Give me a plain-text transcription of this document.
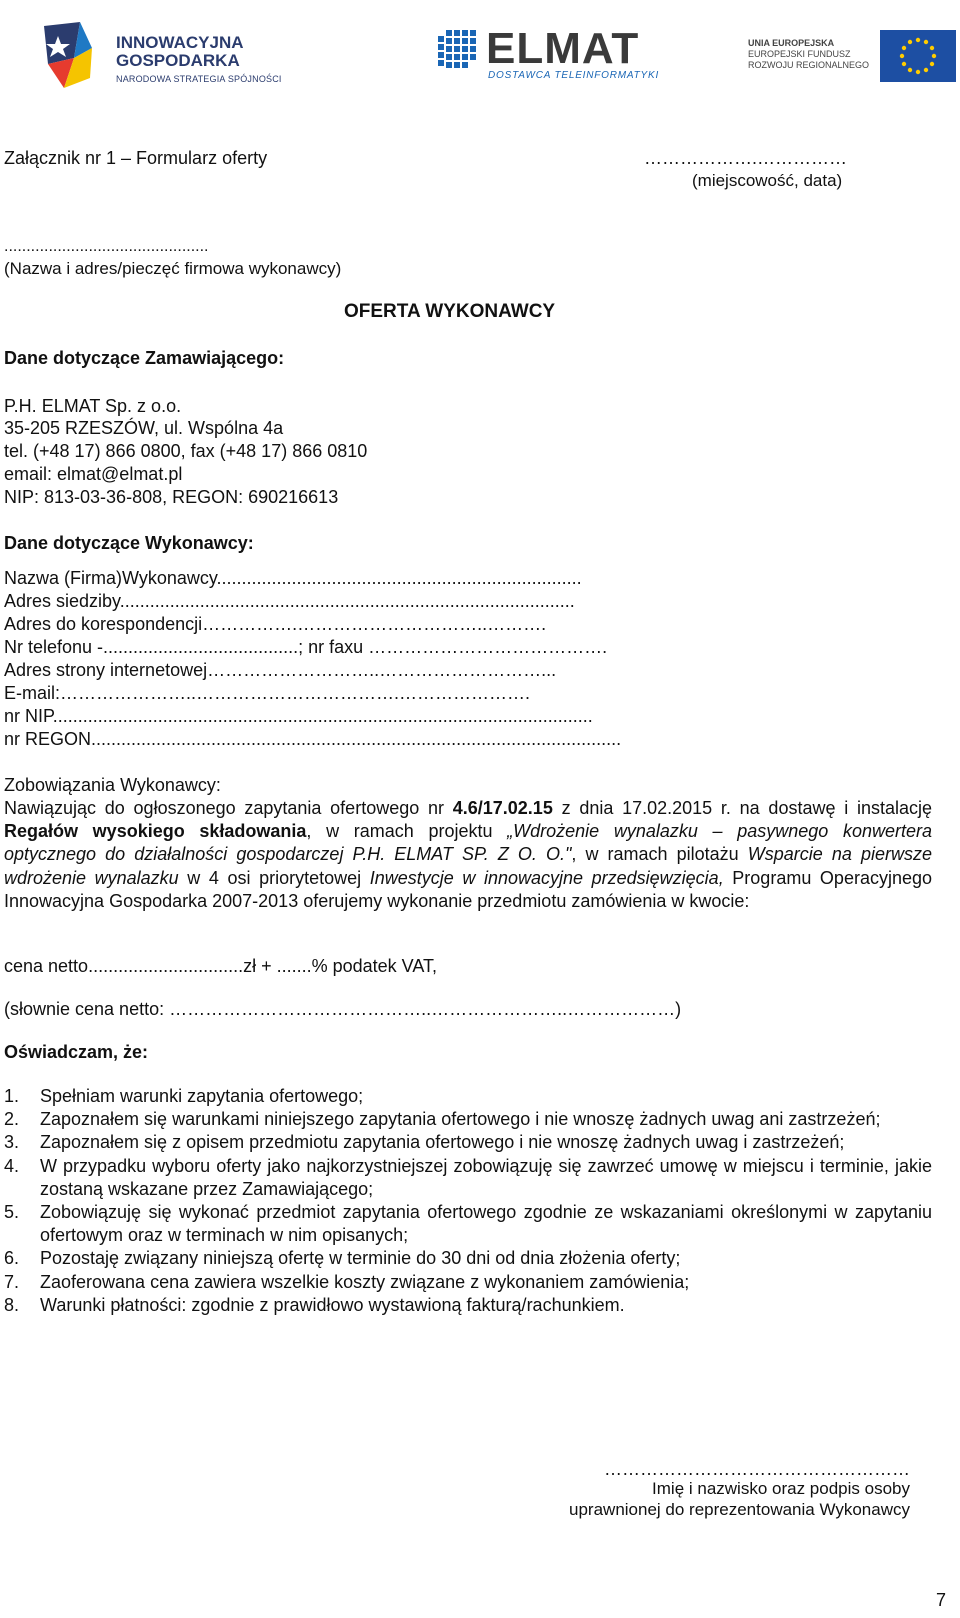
INNOWACYJNA
GOSPODARKA
NARODOWA STRATEGIA SPÓJNOŚCI
ELMAT
DOSTAWCA TELEINFORMATYKI
UNIA EUROPEJSKA
EUROPEJSKI FUNDUSZ
ROZWOJU REGIONALNEGO
Załącznik nr 1 – Formularz oferty	……………….……………
(miejscowość, data)
..............................................
(Nazwa i adres/pieczęć firmowa wykonawcy)
OFERTA WYKONAWCY
Dane dotyczące Zamawiającego:
P.H. ELMAT Sp. z o.o.
35-205 RZESZÓW, ul. Wspólna 4a
tel. (+48 17) 866 0800, fax (+48 17) 866 0810
email: elmat@elmat.pl
NIP: 813-03-36-808, REGON: 690216613
Dane dotyczące Wykonawcy:
Nazwa (Firma)Wykonawcy.........................................................................
Adres siedziby...........................................................................................
Adres do korespondencji…………….…………………………..……….
Nr telefonu -.......................................; nr faxu ………………………………….
Adres strony internetowej………………………..………………………...
E-mail:…………………..…………………………….………………….
nr NIP............................................................................................................
nr REGON..........................................................................................................
Zobowiązania Wykonawcy:
Nawiązując do ogłoszonego zapytania ofertowego nr 4.6/17.02.15 z dnia 17.02.2015 r. na dostawę i instalację Regałów wysokiego składowania, w ramach projektu „Wdrożenie wynalazku – pasywnego konwertera optycznego do działalności gospodarczej P.H. ELMAT SP. Z O. O.", w ramach pilotażu Wsparcie na pierwsze wdrożenie wynalazku w 4 osi priorytetowej Inwestycje w innowacyjne przedsięwzięcia, Programu Operacyjnego Innowacyjna Gospodarka 2007-2013 oferujemy wykonanie przedmiotu zamówienia w kwocie:
cena netto...............................zł + .......% podatek VAT,
(słownie cena netto: ……………………………………..…………………..………………)
Oświadczam, że:
1. Spełniam warunki zapytania ofertowego;
2. Zapoznałem się warunkami niniejszego zapytania ofertowego i nie wnoszę żadnych uwag ani zastrzeżeń;
3. Zapoznałem się z opisem przedmiotu zapytania ofertowego i nie wnoszę żadnych uwag i zastrzeżeń;
4. W przypadku wyboru oferty jako najkorzystniejszej zobowiązuję się zawrzeć umowę w miejscu i terminie, jakie zostaną wskazane przez Zamawiającego;
5. Zobowiązuję się wykonać przedmiot zapytania ofertowego zgodnie ze wskazaniami określonymi w zapytaniu ofertowym oraz w terminach w nim opisanych;
6. Pozostaję związany niniejszą ofertę w terminie do 30 dni od dnia złożenia oferty;
7. Zaoferowana cena zawiera wszelkie koszty związane z wykonaniem zamówienia;
8. Warunki płatności: zgodnie z prawidłowo wystawioną fakturą/rachunkiem.
……………………………………………
Imię i nazwisko oraz podpis osoby
uprawnionej do reprezentowania Wykonawcy
7
